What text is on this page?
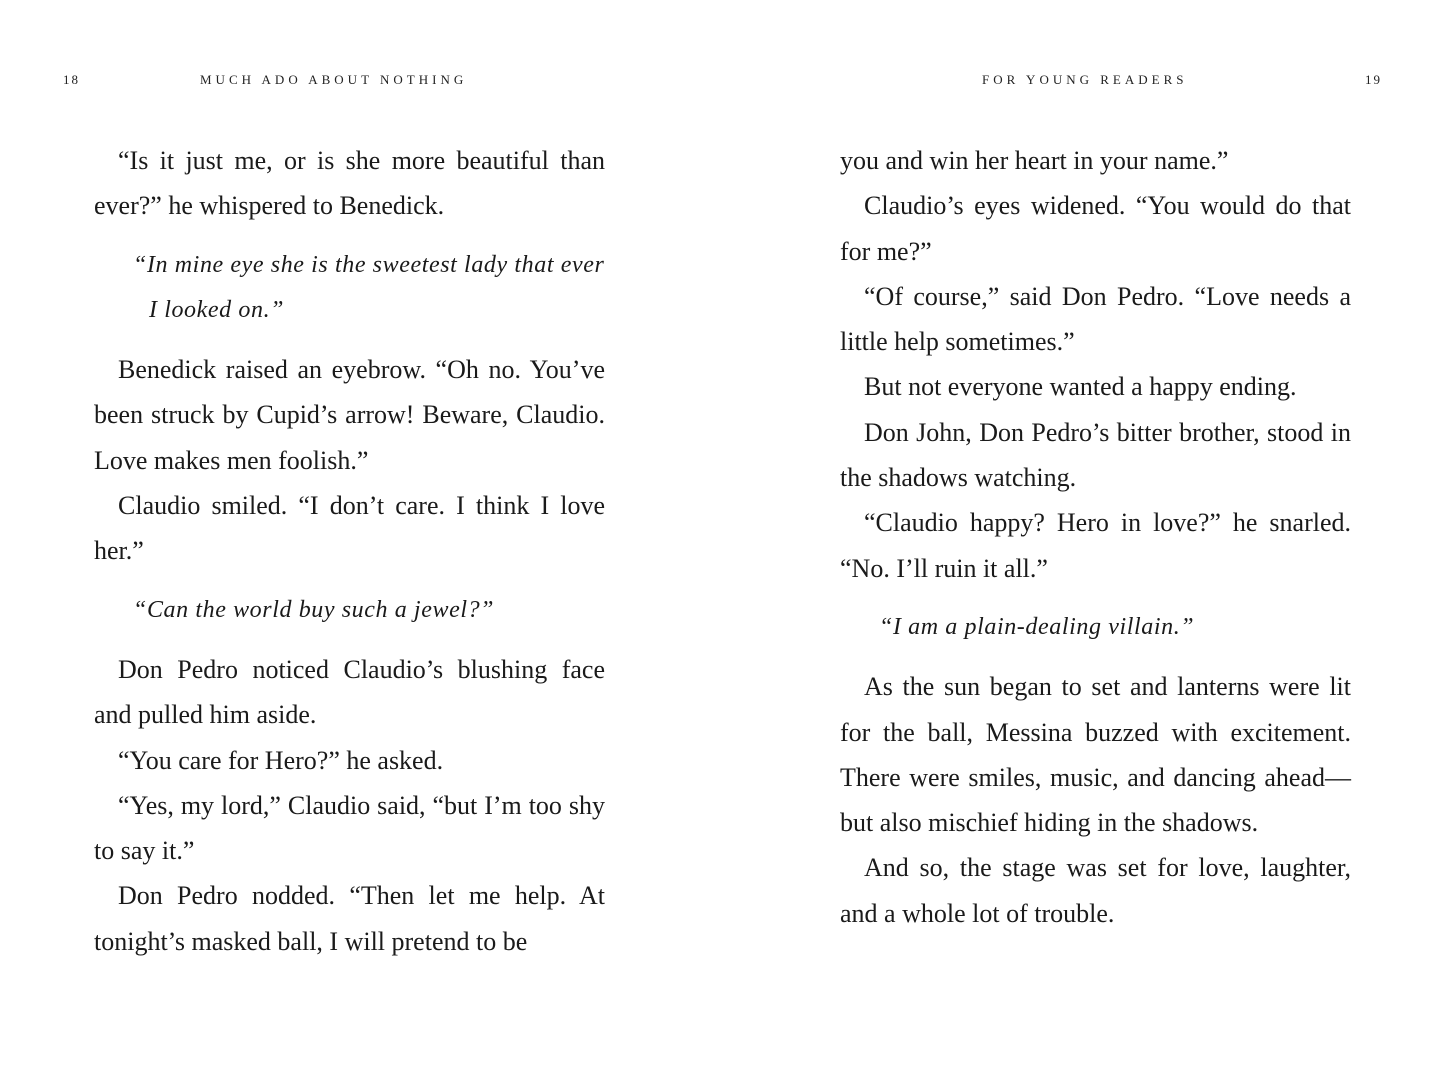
18	MUCH ADO ABOUT NOTHING

“Is it just me, or is she more beautiful than ever?” he whispered to Benedick.

“In mine eye she is the sweetest lady that ever I looked on.”

Benedick raised an eyebrow. “Oh no. You’ve been struck by Cupid’s arrow! Beware, Claudio. Love makes men foolish.”

Claudio smiled. “I don’t care. I think I love her.”

“Can the world buy such a jewel?”

Don Pedro noticed Claudio’s blushing face and pulled him aside.

“You care for Hero?” he asked.

“Yes, my lord,” Claudio said, “but I’m too shy to say it.”

Don Pedro nodded. “Then let me help. At tonight’s masked ball, I will pretend to be

FOR YOUNG READERS	19

you and win her heart in your name.”

Claudio’s eyes widened. “You would do that for me?”

“Of course,” said Don Pedro. “Love needs a little help sometimes.”

But not everyone wanted a happy ending.

Don John, Don Pedro’s bitter brother, stood in the shadows watching.

“Claudio happy? Hero in love?” he snarled. “No. I’ll ruin it all.”

“I am a plain-dealing villain.”

As the sun began to set and lanterns were lit for the ball, Messina buzzed with excitement. There were smiles, music, and dancing ahead—but also mischief hiding in the shadows.

And so, the stage was set for love, laughter, and a whole lot of trouble.
